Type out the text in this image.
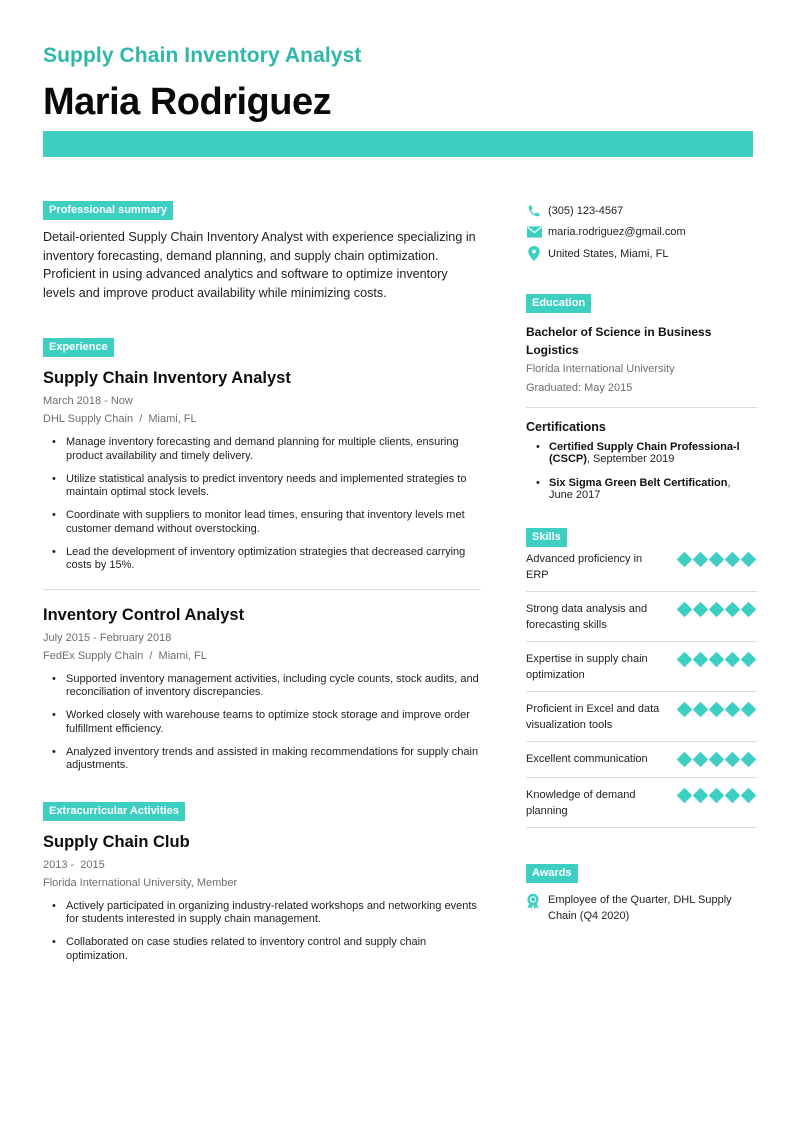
Supply Chain Inventory Analyst
Maria Rodriguez
Professional summary

Detail-oriented Supply Chain Inventory Analyst with experience specializing in inventory forecasting, demand planning, and supply chain optimization. Proficient in using advanced analytics and software to optimize inventory levels and improve product availability while minimizing costs.

Experience
Supply Chain Inventory Analyst
March 2018 - Now
DHL Supply Chain  /  Miami, FL
• Manage inventory forecasting and demand planning for multiple clients, ensuring product availability and timely delivery.
• Utilize statistical analysis to predict inventory needs and implemented strategies to maintain optimal stock levels.
• Coordinate with suppliers to monitor lead times, ensuring that inventory levels met customer demand without overstocking.
• Lead the development of inventory optimization strategies that decreased carrying costs by 15%.
Inventory Control Analyst
July 2015 - February 2018
FedEx Supply Chain  /  Miami, FL
• Supported inventory management activities, including cycle counts, stock audits, and reconciliation of inventory discrepancies.
• Worked closely with warehouse teams to optimize stock storage and improve order fulfillment efficiency.
• Analyzed inventory trends and assisted in making recommendations for supply chain adjustments.
Extracurricular Activities
Supply Chain Club
2013 -  2015
Florida International University, Member
• Actively participated in organizing industry-related workshops and networking events for students interested in supply chain management.
• Collaborated on case studies related to inventory control and supply chain optimization.
(305) 123-4567
maria.rodriguez@gmail.com
United States, Miami, FL
Education
Bachelor of Science in Business Logistics
Florida International University
Graduated: May 2015
Certifications
• Certified Supply Chain Professiona-l (CSCP), September 2019
• Six Sigma Green Belt Certification, June 2017
Skills
Advanced proficiency in ERP
Strong data analysis and forecasting skills
Expertise in supply chain optimization
Proficient in Excel and data visualization tools
Excellent communication
Knowledge of demand planning
Awards
Employee of the Quarter, DHL Supply Chain (Q4 2020)
